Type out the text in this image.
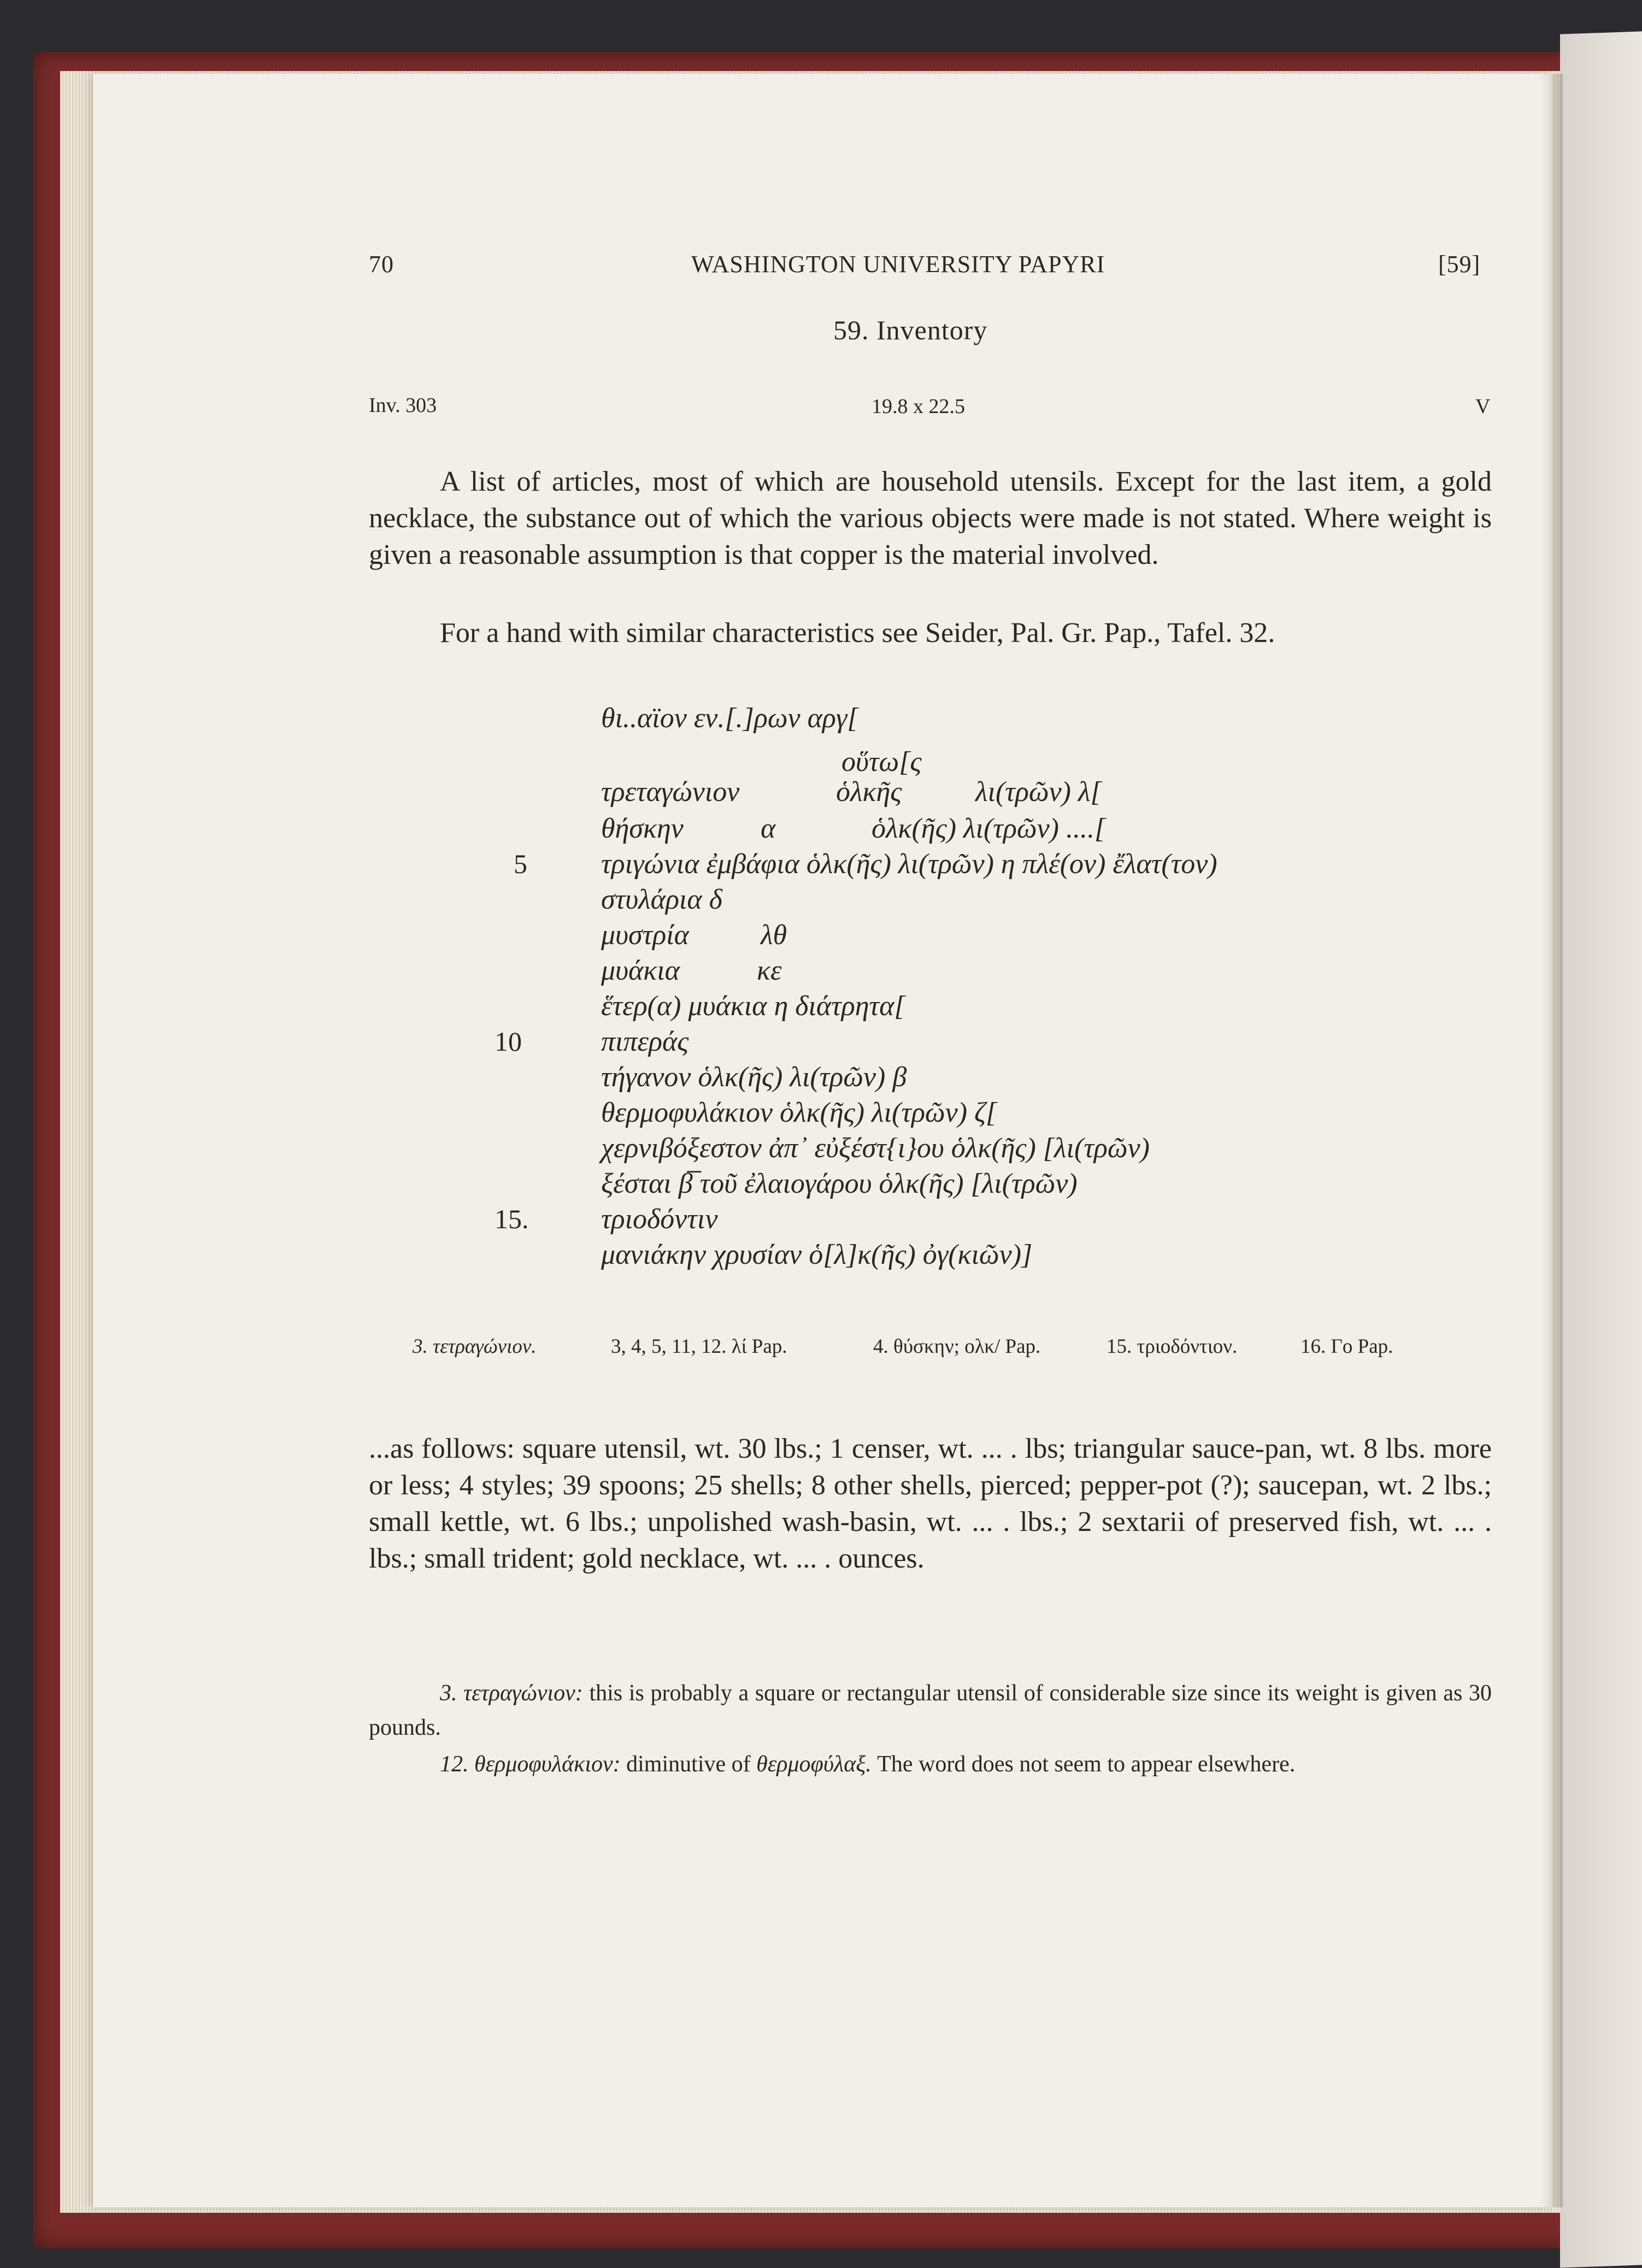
70	WASHINGTON UNIVERSITY PAPYRI	[59]
59. Inventory
Inv. 303	19.8 x 22.5	V
A list of articles, most of which are household utensils. Except for the last item, a gold necklace, the substance out of which the various objects were made is not stated. Where weight is given a reasonable assumption is that copper is the material involved.
For a hand with similar characteristics see Seider, Pal. Gr. Pap., Tafel. 32.
θι..αϊον εν.[.]ρων αργ[
οὕτω[ς
τρεταγώνιον	ὁλκῆς	λι(τρῶν) λ[
θήσκην	α	ὁλκ(ῆς) λι(τρῶν) ....[
5	τριγώνια ἐμβάφια ὁλκ(ῆς) λι(τρῶν) η πλέ(ον) ἔλατ(τον)
στυλάρια δ
μυστρία	λθ
μυάκια	κε
ἕτερ(α) μυάκια η διάτρητα[
10	πιπεράς
τήγανον ὁλκ(ῆς) λι(τρῶν) β
θερμοφυλάκιον ὁλκ(ῆς) λι(τρῶν) ζ[
χερνιβόξεστον ἀπ᾽ εὐξέστ{ι}ου ὁλκ(ῆς) [λι(τρῶν)
ξέσται β̅ τοῦ ἐλαιογάρου ὁλκ(ῆς) [λι(τρῶν)
15.	τριοδόντιν
μανιάκην χρυσίαν ὁ[λ]κ(ῆς) ὀγ(κιῶν)]
3. τετραγώνιον.	3, 4, 5, 11, 12. λί Pap.	4. θύσκην; ολκ/ Pap.	15. τριοδόντιον.	16. Γο Pap.
...as follows: square utensil, wt. 30 lbs.; 1 censer, wt. ... . lbs; triangular sauce-pan, wt. 8 lbs. more or less; 4 styles; 39 spoons; 25 shells; 8 other shells, pierced; pepper-pot (?); saucepan, wt. 2 lbs.; small kettle, wt. 6 lbs.; unpolished wash-basin, wt. ... . lbs.; 2 sextarii of preserved fish, wt. ... . lbs.; small trident; gold necklace, wt. ... . ounces.
3. τετραγώνιον: this is probably a square or rectangular utensil of considerable size since its weight is given as 30 pounds.
12. θερμοφυλάκιον: diminutive of θερμοφύλαξ. The word does not seem to appear elsewhere.
